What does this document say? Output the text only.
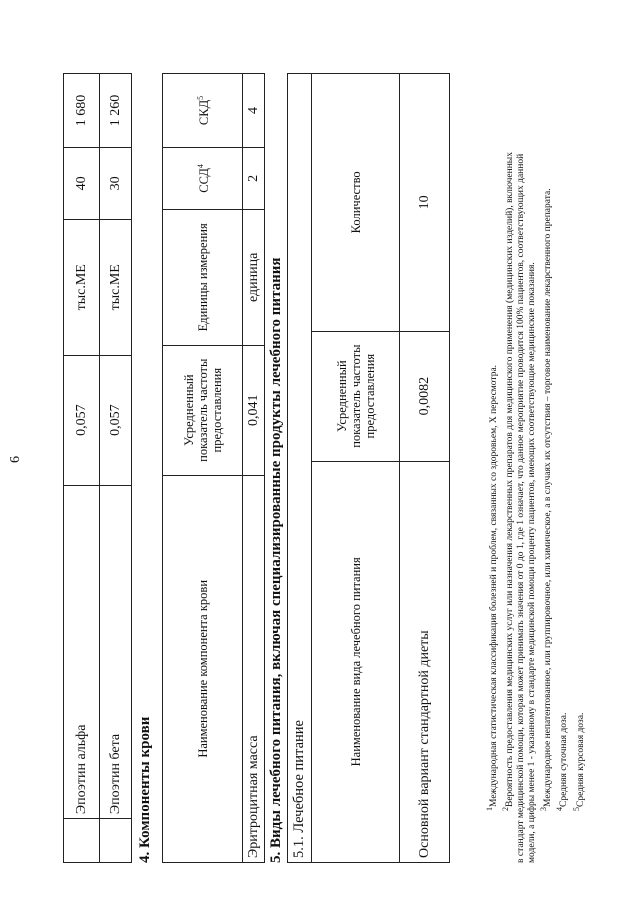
6
	Эпоэтин альфа	0,057	тыс.МЕ	40	1 680
	Эпоэтин бета	0,057	тыс.МЕ	30	1 260
4. Компоненты крови
Наименование компонента крови	Усредненный показатель частоты предоставления	Единицы измерения	ССД$^4$	СКД$^5$
Эритроцитная масса	0,041	единица	2	4
5. Виды лечебного питания, включая специализированные продукты лечебного питания 5.1. Лечебное питание		
Наименование вида лечебного питания	Усредненный показатель частоты предоставления	Количество
Основной вариант стандартной диеты	0,0082	10
$^1$Международная статистическая классификация болезней и проблем, связанных со здоровьем, X пересмотра.
$^2$Вероятность предоставления медицинских услуг или назначения лекарственных препаратов для медицинского применения (медицинских изделий), включенных в стандарт медицинской помощи, которая может принимать значения от 0 до 1, где 1 означает, что данное мероприятие проводится 100% пациентов, соответствующих данной модели, а цифры менее 1 - указанному в стандарте медицинской помощи проценту пациентов, имеющих соответствующие медицинские показания. $^3$Международное непатентованное, или группировочное, или химическое, а в случаях их отсутствия – торговое наименование лекарственного препарата.
$^4$Средняя суточная доза.
$^5$Средняя курсовая доза.
